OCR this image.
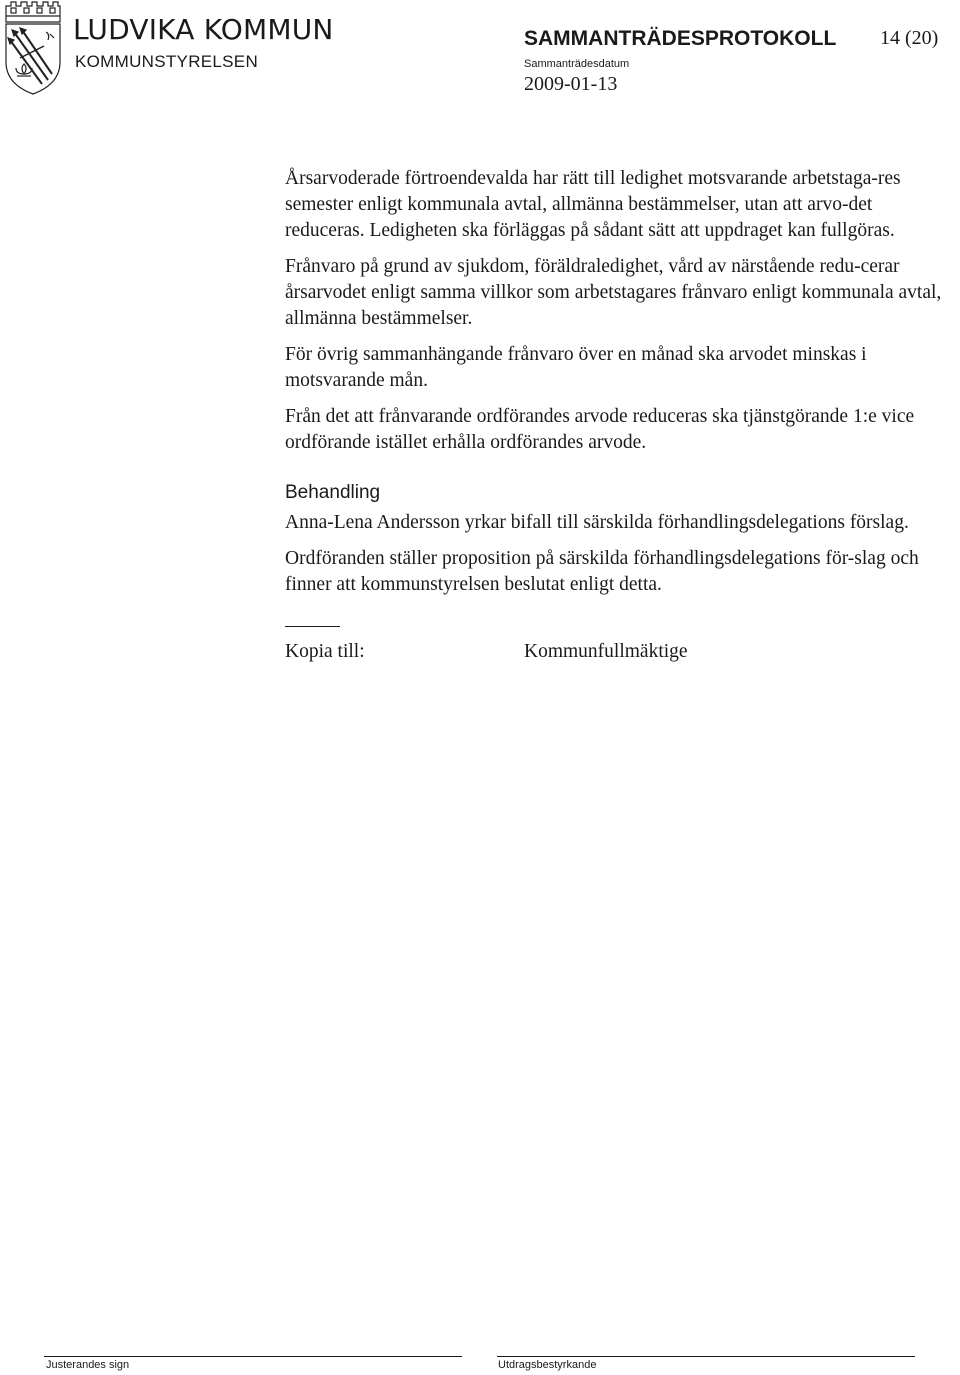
LUDVIKA KOMMUN
KOMMUNSTYRELSEN
SAMMANTRÄDESPROTOKOLL 14 (20)
Sammanträdesdatum
2009-01-13

Årsarvoderade förtroendevalda har rätt till ledighet motsvarande arbetstaga-res semester enligt kommunala avtal, allmänna bestämmelser, utan att arvo-det reduceras. Ledigheten ska förläggas på sådant sätt att uppdraget kan fullgöras.

Frånvaro på grund av sjukdom, föräldraledighet, vård av närstående redu-cerar årsarvodet enligt samma villkor som arbetstagares frånvaro enligt kommunala avtal, allmänna bestämmelser.

För övrig sammanhängande frånvaro över en månad ska arvodet minskas i motsvarande mån.

Från det att frånvarande ordförandes arvode reduceras ska tjänstgörande 1:e vice ordförande istället erhålla ordförandes arvode.

Behandling

Anna-Lena Andersson yrkar bifall till särskilda förhandlingsdelegations förslag.

Ordföranden ställer proposition på särskilda förhandlingsdelegations för-slag och finner att kommunstyrelsen beslutat enligt detta.

Kopia till:	Kommunfullmäktige
Justerandes sign	Utdragsbestyrkande
